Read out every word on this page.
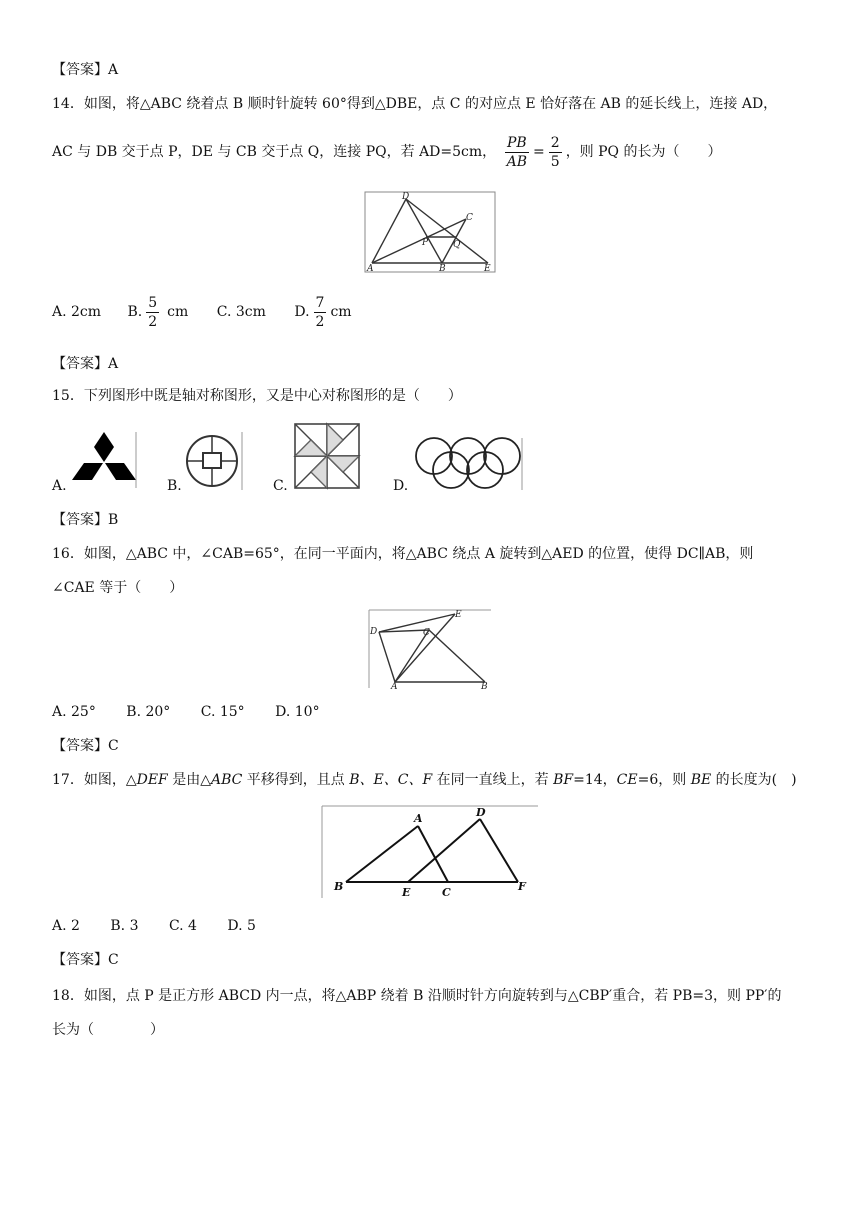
【答案】A
14．如图，将△ABC 绕着点 B 顺时针旋转 60°得到△DBE，点 C 的对应点 E 恰好落在 AB 的延长线上，连接 AD，
AC 与 DB 交于点 P，DE 与 CB 交于点 Q，连接 PQ，若 AD=5cm， $\frac{PB}{AB} = \frac{2}{5}$ ，则 PQ 的长为（　　）
D
C
P	Q
A	B	E
A. 2cm B. $\frac{5}{2}$ cm C. 3cm D. $\frac{7}{2}$ cm
【答案】A
15．下列图形中既是轴对称图形，又是中心对称图形的是（　　）
A.	B.	C.	D.
【答案】B
16．如图，△ABC 中，∠CAB=65°，在同一平面内，将△ABC 绕点 A 旋转到△AED 的位置，使得 DC∥AB，则
∠CAE 等于（　　）
D
E
C
A	B
A. 25° B. 20° C. 15° D. 10°
【答案】C
17．如图，△DEF 是由△ABC 平移得到，且点 B、E、C、F 在同一直线上，若 BF=14，CE=6，则 BE 的长度为(　)
A	D
B	E	C	F
A. 2 B. 3 C. 4 D. 5
【答案】C
18．如图，点 P 是正方形 ABCD 内一点，将△ABP 绕着 B 沿顺时针方向旋转到与△CBP′重合，若 PB=3，则 PP′的
长为（　　　　）
